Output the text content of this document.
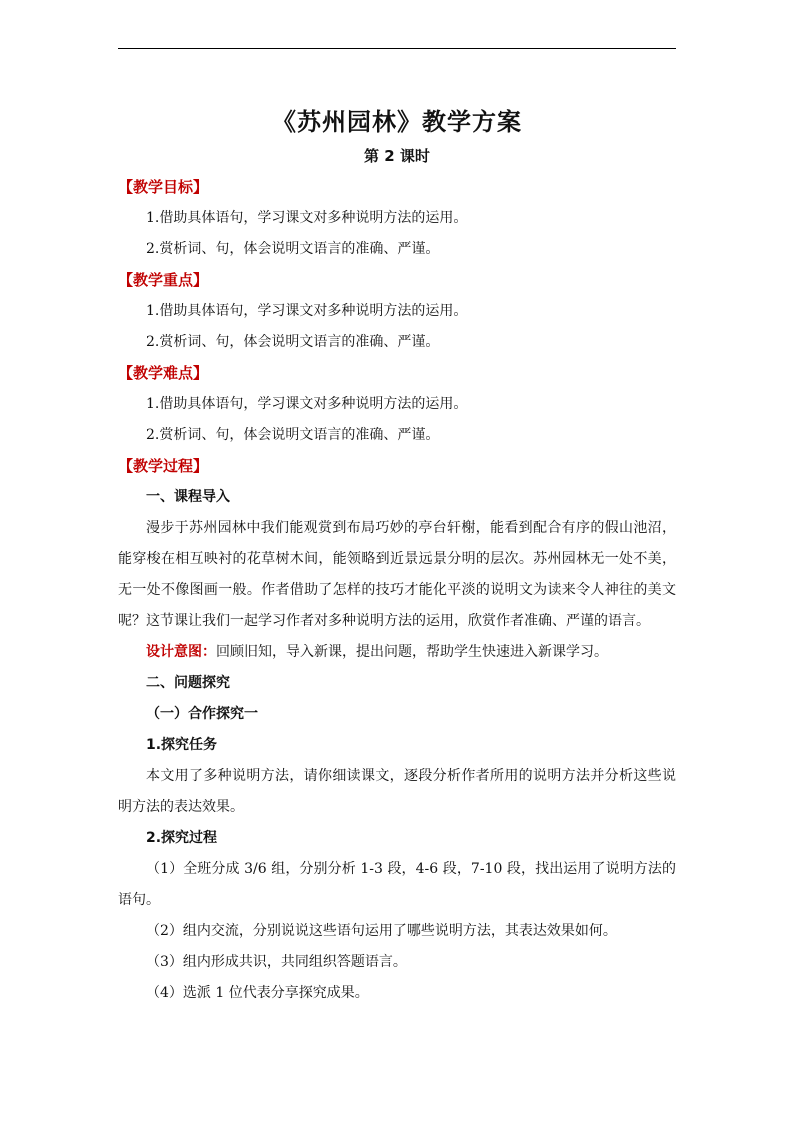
《苏州园林》教学方案
第 2 课时

【教学目标】

1.借助具体语句，学习课文对多种说明方法的运用。

2.赏析词、句，体会说明文语言的准确、严谨。

【教学重点】

1.借助具体语句，学习课文对多种说明方法的运用。

2.赏析词、句，体会说明文语言的准确、严谨。

【教学难点】

1.借助具体语句，学习课文对多种说明方法的运用。

2.赏析词、句，体会说明文语言的准确、严谨。

【教学过程】

一、课程导入

漫步于苏州园林中我们能观赏到布局巧妙的亭台轩榭，能看到配合有序的假山池沼，能穿梭在相互映衬的花草树木间，能领略到近景远景分明的层次。苏州园林无一处不美，无一处不像图画一般。作者借助了怎样的技巧才能化平淡的说明文为读来令人神往的美文呢？这节课让我们一起学习作者对多种说明方法的运用，欣赏作者准确、严谨的语言。

设计意图：回顾旧知，导入新课，提出问题，帮助学生快速进入新课学习。

二、问题探究

（一）合作探究一

1.探究任务

本文用了多种说明方法，请你细读课文，逐段分析作者所用的说明方法并分析这些说明方法的表达效果。

2.探究过程

（1）全班分成 3/6 组，分别分析 1-3 段，4-6 段，7-10 段，找出运用了说明方法的语句。

（2）组内交流，分别说说这些语句运用了哪些说明方法，其表达效果如何。

（3）组内形成共识，共同组织答题语言。

（4）选派 1 位代表分享探究成果。
